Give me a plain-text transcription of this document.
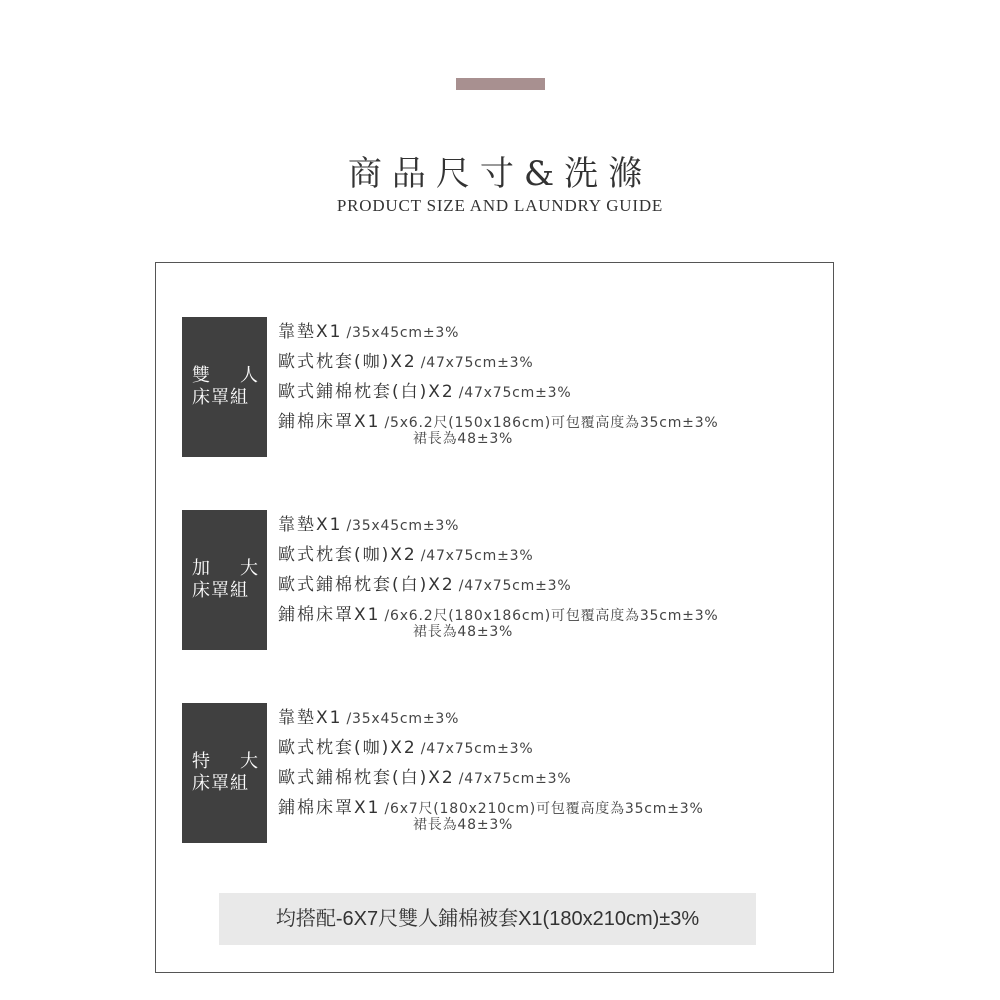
商品尺寸&洗滌
PRODUCT SIZE AND LAUNDRY GUIDE
雙 人
床罩組
靠墊X1 /35x45cm±3%
歐式枕套(咖)X2 /47x75cm±3%
歐式鋪棉枕套(白)X2 /47x75cm±3%
鋪棉床罩X1 /5x6.2尺(150x186cm)可包覆高度為35cm±3%
裙長為48±3%
加 大
床罩組
靠墊X1 /35x45cm±3%
歐式枕套(咖)X2 /47x75cm±3%
歐式鋪棉枕套(白)X2 /47x75cm±3%
鋪棉床罩X1 /6x6.2尺(180x186cm)可包覆高度為35cm±3%
裙長為48±3%
特 大
床罩組
靠墊X1 /35x45cm±3%
歐式枕套(咖)X2 /47x75cm±3%
歐式鋪棉枕套(白)X2 /47x75cm±3%
鋪棉床罩X1 /6x7尺(180x210cm)可包覆高度為35cm±3%
裙長為48±3%
均搭配-6X7尺雙人鋪棉被套X1(180x210cm)±3%
